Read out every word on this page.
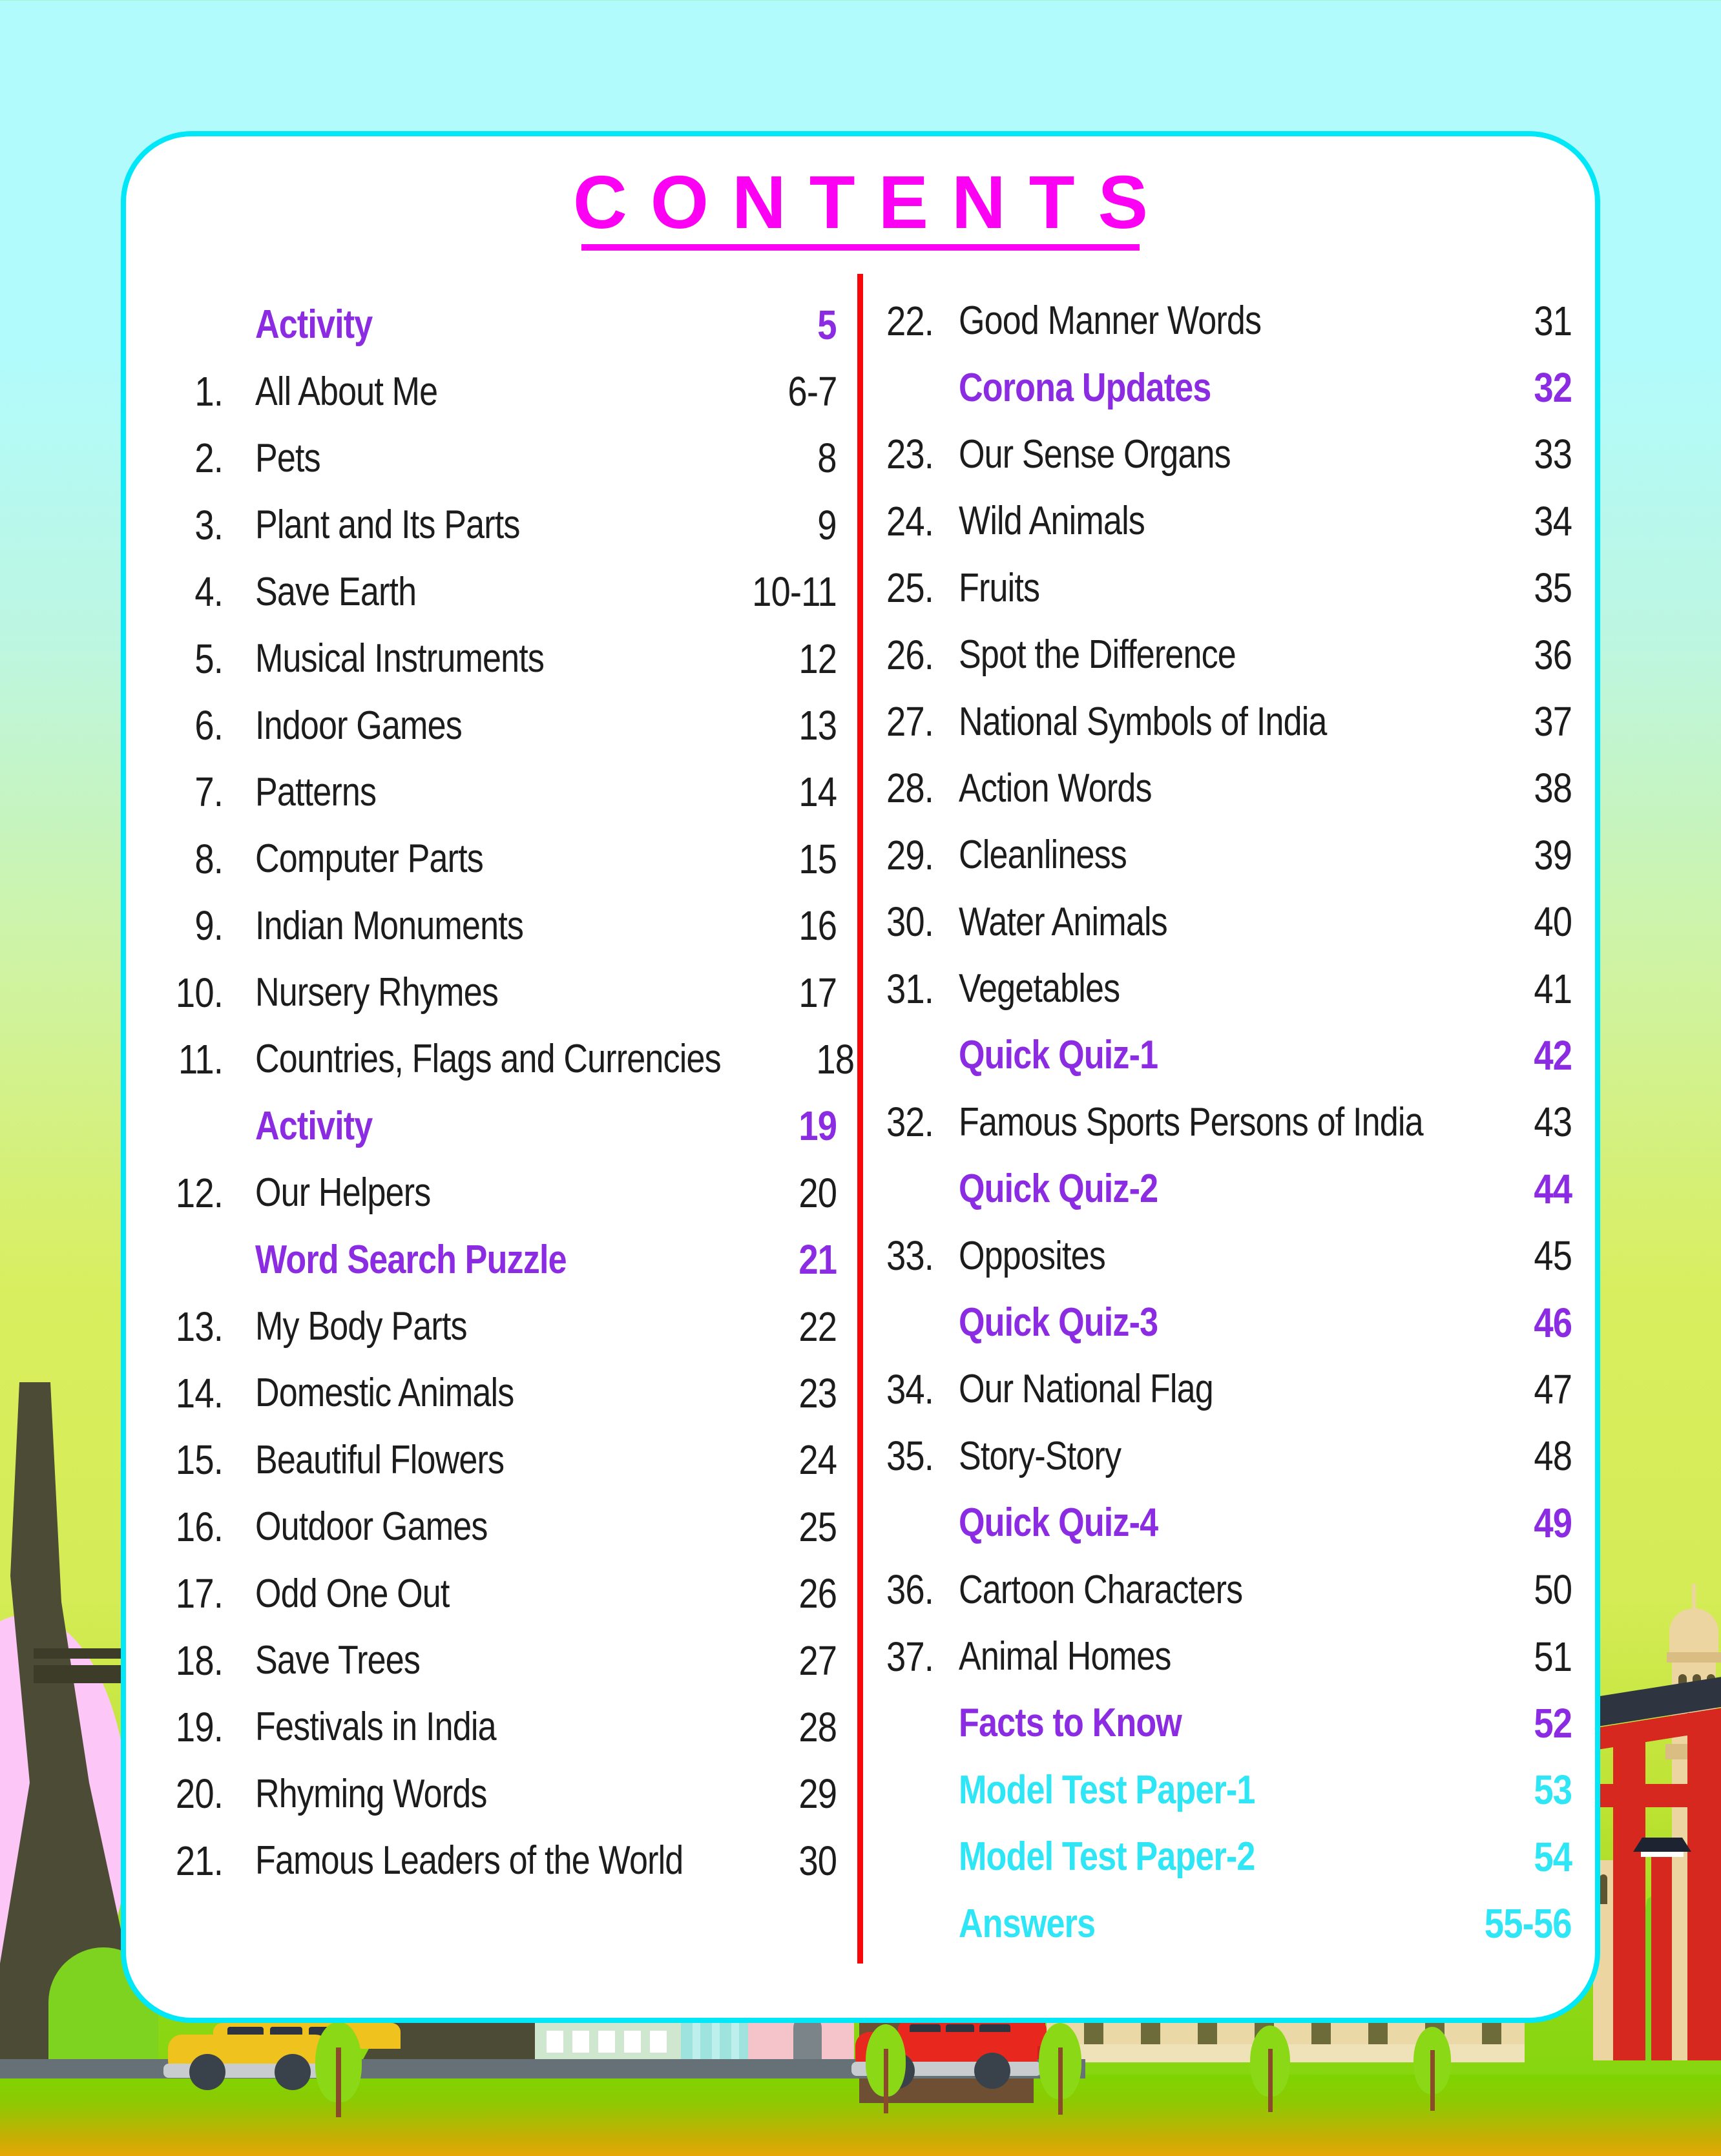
CONTENTS
Activity	5
1. All About Me	6-7
2. Pets	8
3. Plant and Its Parts	9
4. Save Earth	10-11
5. Musical Instruments	12
6. Indoor Games	13
7. Patterns	14
8. Computer Parts	15
9. Indian Monuments	16
10. Nursery Rhymes	17
11. Countries, Flags and Currencies 18
Activity	19
12. Our Helpers	20
Word Search Puzzle	21
13. My Body Parts	22
14. Domestic Animals	23
15. Beautiful Flowers	24
16. Outdoor Games	25
17. Odd One Out	26
18. Save Trees	27
19. Festivals in India	28
20. Rhyming Words	29
21. Famous Leaders of the World	30
22. Good Manner Words	31
Corona Updates	32
23. Our Sense Organs	33
24. Wild Animals	34
25. Fruits	35
26. Spot the Difference	36
27. National Symbols of India	37
28. Action Words	38
29. Cleanliness	39
30. Water Animals	40
31. Vegetables	41
Quick Quiz-1	42
32. Famous Sports Persons of India	43
Quick Quiz-2	44
33. Opposites	45
Quick Quiz-3	46
34. Our National Flag	47
35. Story-Story	48
Quick Quiz-4	49
36. Cartoon Characters	50
37. Animal Homes	51
Facts to Know	52
Model Test Paper-1	53
Model Test Paper-2	54
Answers	55-56
